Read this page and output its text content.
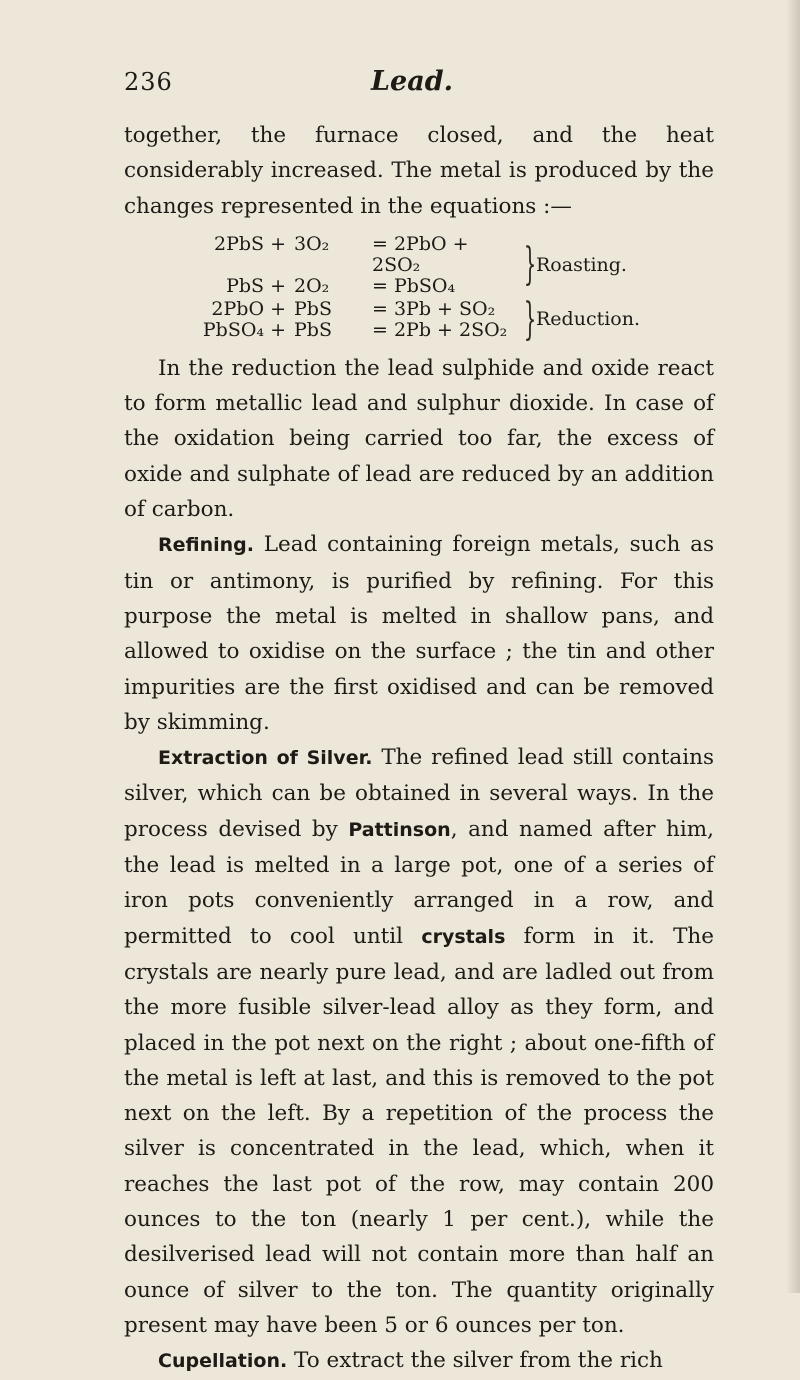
236	Lead.

together, the furnace closed, and the heat considerably increased. The metal is produced by the changes represented in the equations :—

2PbS + 3O₂	= 2PbO + 2SO₂
PbS + 2O₂	= PbSO₄	} Roasting.
2PbO + PbS	= 3Pb + SO₂
PbSO₄ + PbS	= 2Pb + 2SO₂ } Reduction.

In the reduction the lead sulphide and oxide react to form metallic lead and sulphur dioxide. In case of the oxidation being carried too far, the excess of oxide and sulphate of lead are reduced by an addition of carbon.

Refining. Lead containing foreign metals, such as tin or antimony, is purified by refining. For this purpose the metal is melted in shallow pans, and allowed to oxidise on the surface ; the tin and other impurities are the first oxidised and can be removed by skimming.

Extraction of Silver. The refined lead still contains silver, which can be obtained in several ways. In the process devised by Pattinson, and named after him, the lead is melted in a large pot, one of a series of iron pots conveniently arranged in a row, and permitted to cool until crystals form in it. The crystals are nearly pure lead, and are ladled out from the more fusible silver-lead alloy as they form, and placed in the pot next on the right ; about one-fifth of the metal is left at last, and this is removed to the pot next on the left. By a repetition of the process the silver is concentrated in the lead, which, when it reaches the last pot of the row, may contain 200 ounces to the ton (nearly 1 per cent.), while the desilverised lead will not contain more than half an ounce of silver to the ton. The quantity originally present may have been 5 or 6 ounces per ton.

Cupellation. To extract the silver from the rich
